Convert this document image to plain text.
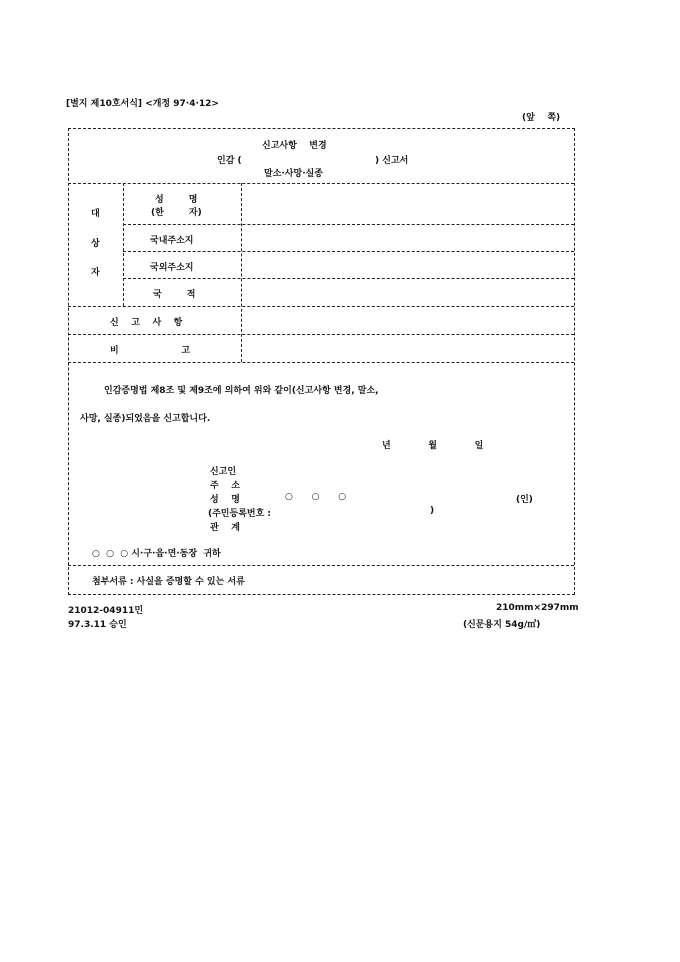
[별지 제10호서식] <개정 97·4·12>
(앞    쪽)
신고사항    변경
인감 (	) 신고서
말소·사망·실종
대
상
자
성        명
(한        자)
국내주소지
국외주소지
국        적
신    고    사    항
비                    고
인감증명법 제8조 및 제9조에 의하여 위와 같이(신고사항 변경, 말소,
사망, 실종)되었음을 신고합니다.
년            월            일
신고인
주    소
성    명	○      ○      ○	(인)
(주민등록번호 :	)
관    계
○  ○  ○ 시·구·읍·면·동장  귀하
첨부서류 : 사실을 증명할 수 있는 서류
21012-04911민
97.3.11 승인
210mm×297mm
(신문용지 54g/㎡)
